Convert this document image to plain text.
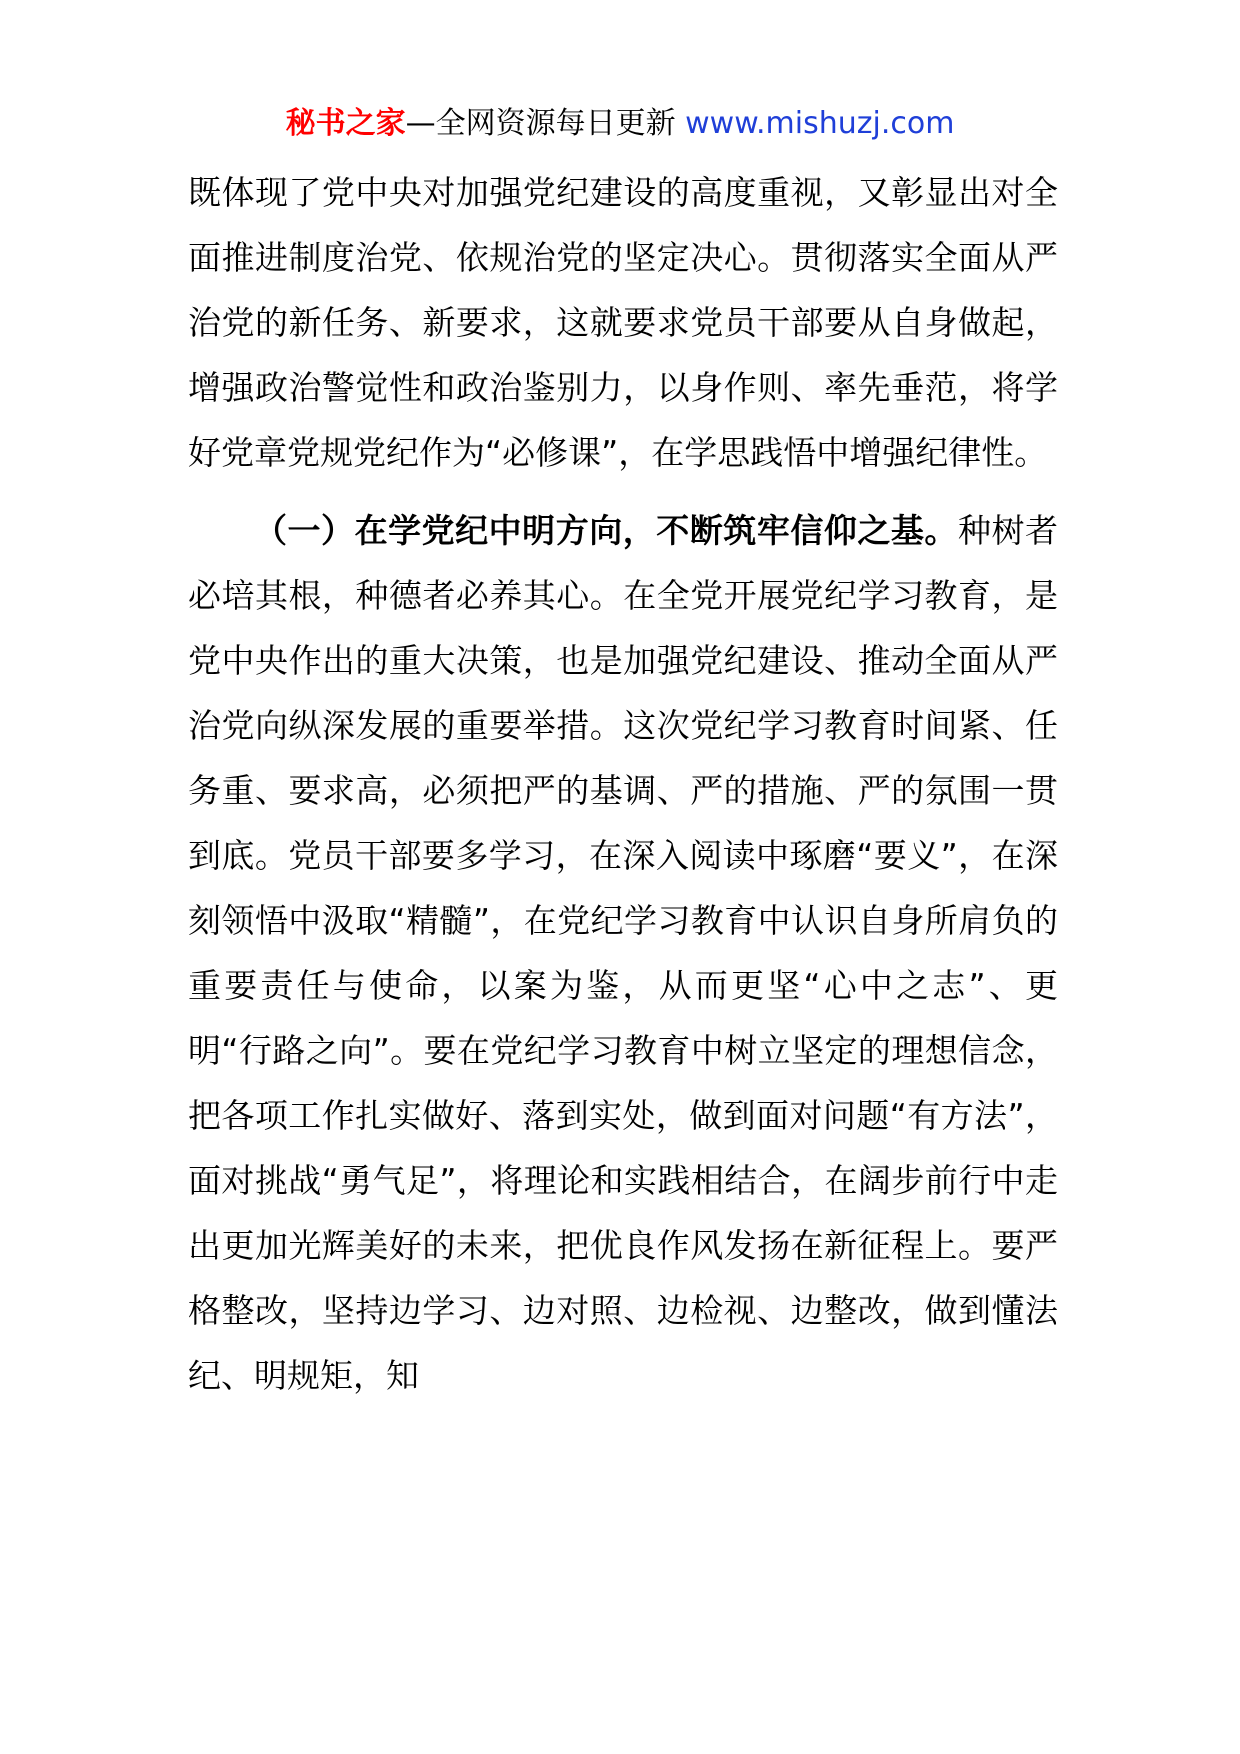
秘书之家—全网资源每日更新 www.mishuzj.com

既体现了党中央对加强党纪建设的高度重视，又彰显出对全面推进制度治党、依规治党的坚定决心。贯彻落实全面从严治党的新任务、新要求，这就要求党员干部要从自身做起，增强政治警觉性和政治鉴别力，以身作则、率先垂范，将学好党章党规党纪作为“必修课”，在学思践悟中增强纪律性。

（一）在学党纪中明方向，不断筑牢信仰之基。种树者必培其根，种德者必养其心。在全党开展党纪学习教育，是党中央作出的重大决策，也是加强党纪建设、推动全面从严治党向纵深发展的重要举措。这次党纪学习教育时间紧、任务重、要求高，必须把严的基调、严的措施、严的氛围一贯到底。党员干部要多学习，在深入阅读中琢磨“要义”，在深刻领悟中汲取“精髓”，在党纪学习教育中认识自身所肩负的重要责任与使命，以案为鉴，从而更坚“心中之志”、更明“行路之向”。要在党纪学习教育中树立坚定的理想信念，把各项工作扎实做好、落到实处，做到面对问题“有方法”，面对挑战“勇气足”，将理论和实践相结合，在阔步前行中走出更加光辉美好的未来，把优良作风发扬在新征程上。要严格整改，坚持边学习、边对照、边检视、边整改，做到懂法纪、明规矩，知
